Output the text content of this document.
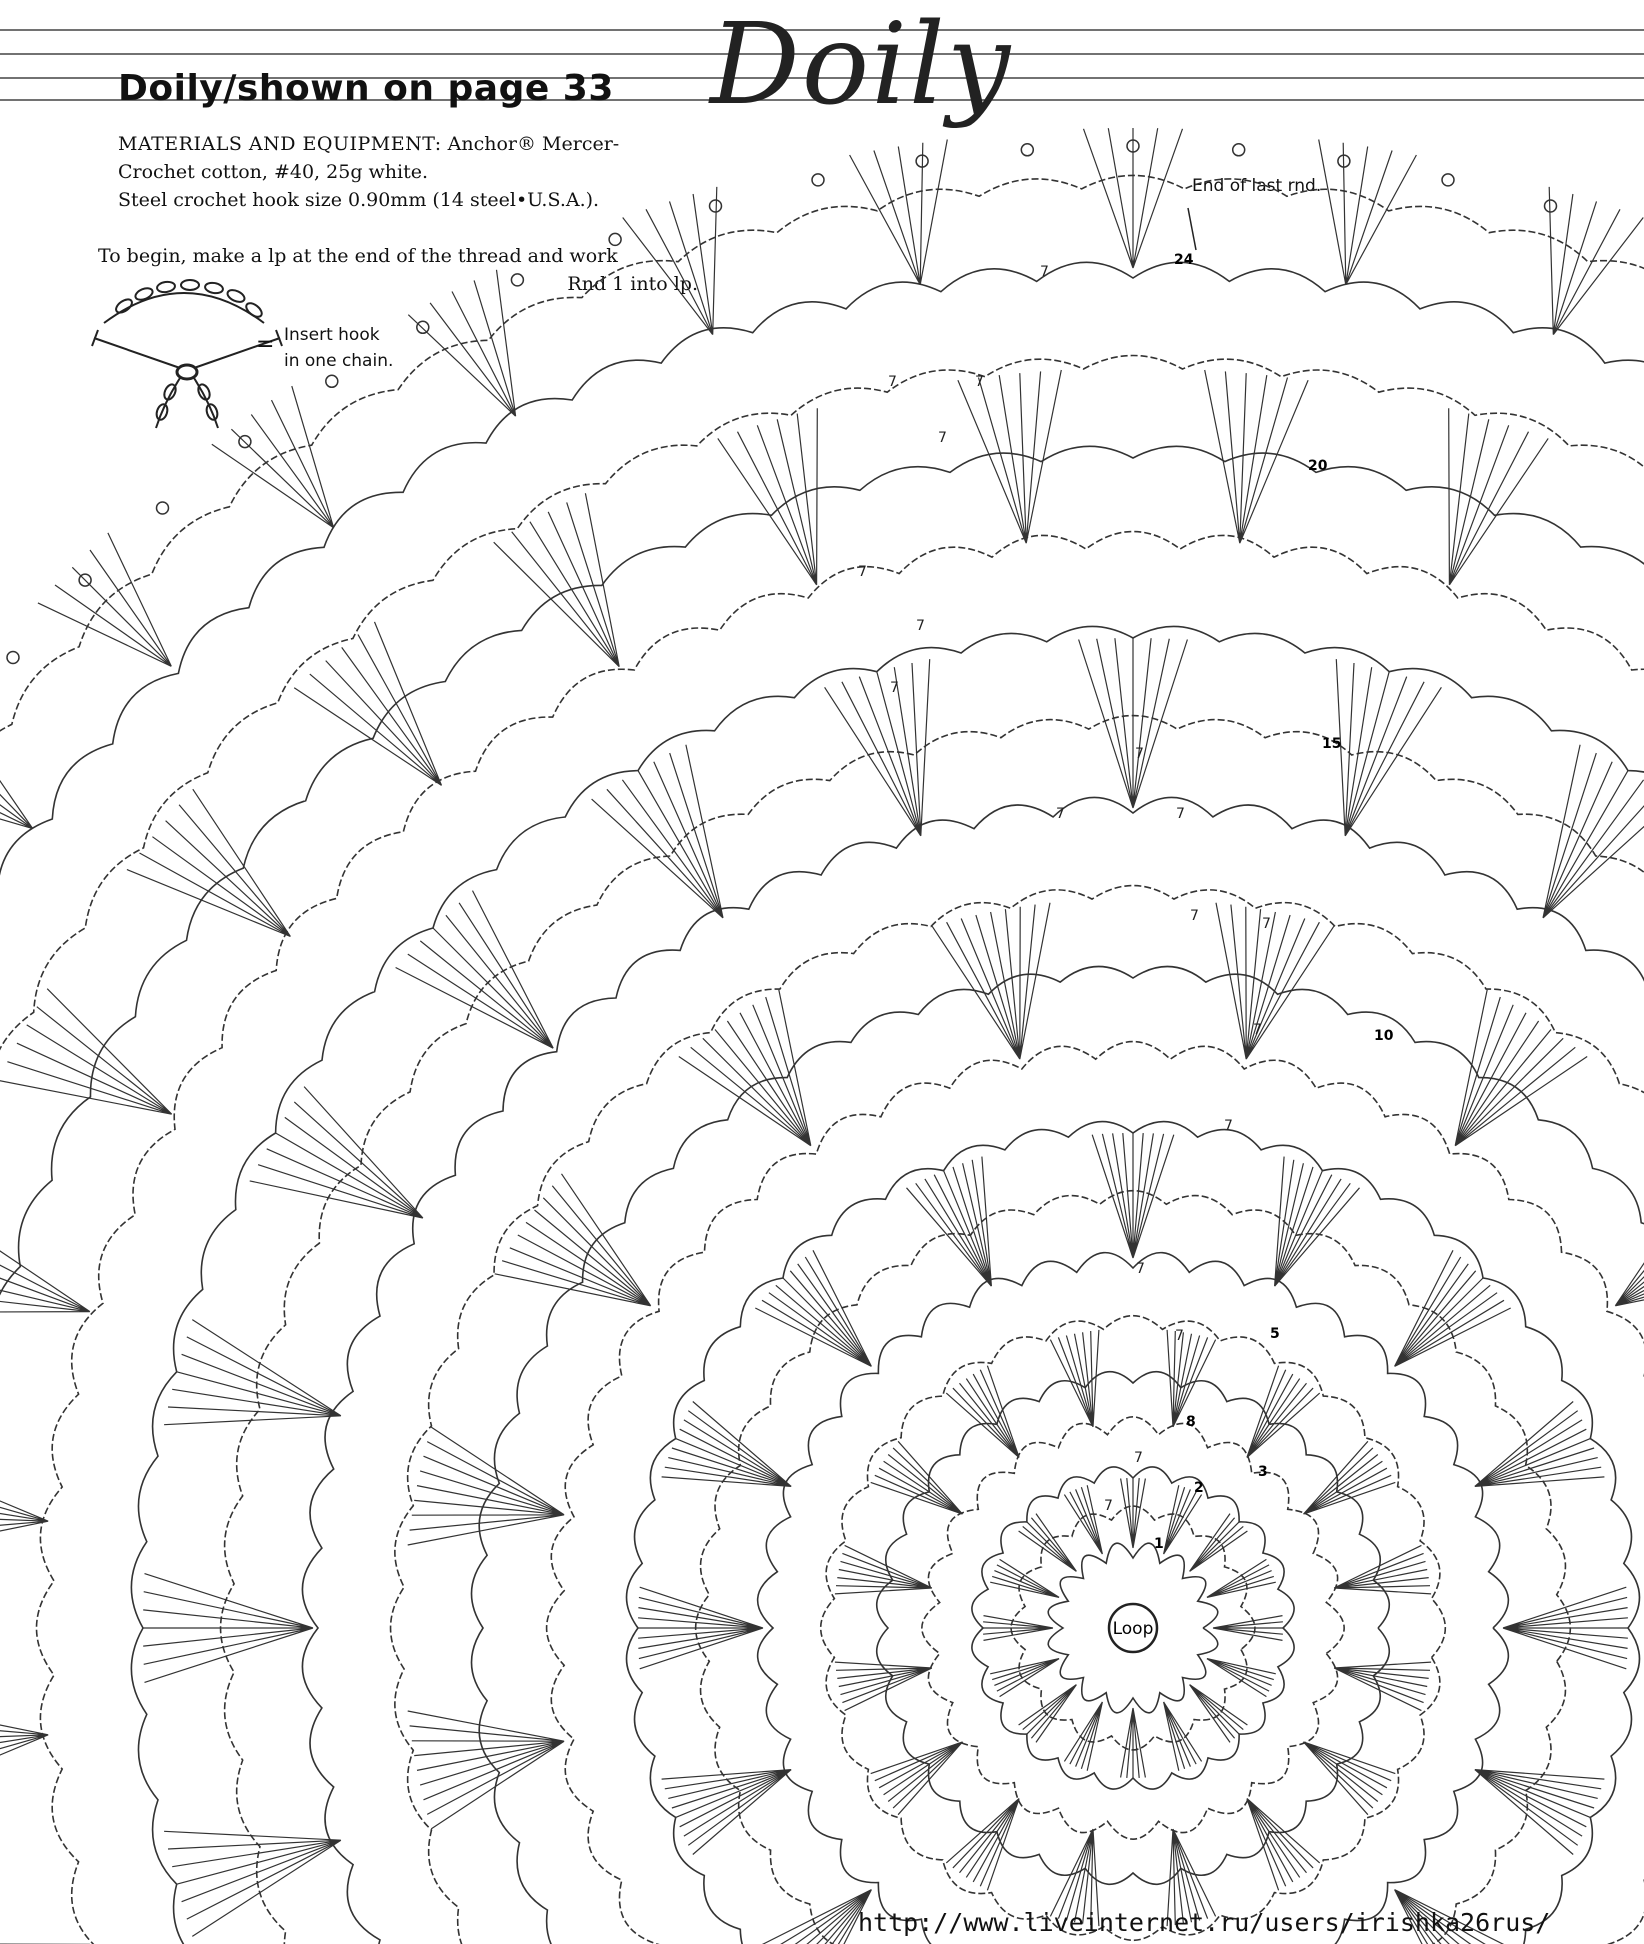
Doily
Doily/shown on page 33
MATERIALS AND EQUIPMENT: Anchor® Mercer-
Crochet cotton, #40, 25g white.
Steel crochet hook size 0.90mm (14 steel•U.S.A.).
To begin, make a lp at the end of the thread and work
Rnd 1 into lp.
= Insert hook
in one chain.
End of last rnd.
Loop
1
2
3
5
8
10
15
20
24
7
7	7
7
7
7
7
7
7	7
7	7
7
7
7
7
7
7
http://www.liveinternet.ru/users/irishka26rus/
